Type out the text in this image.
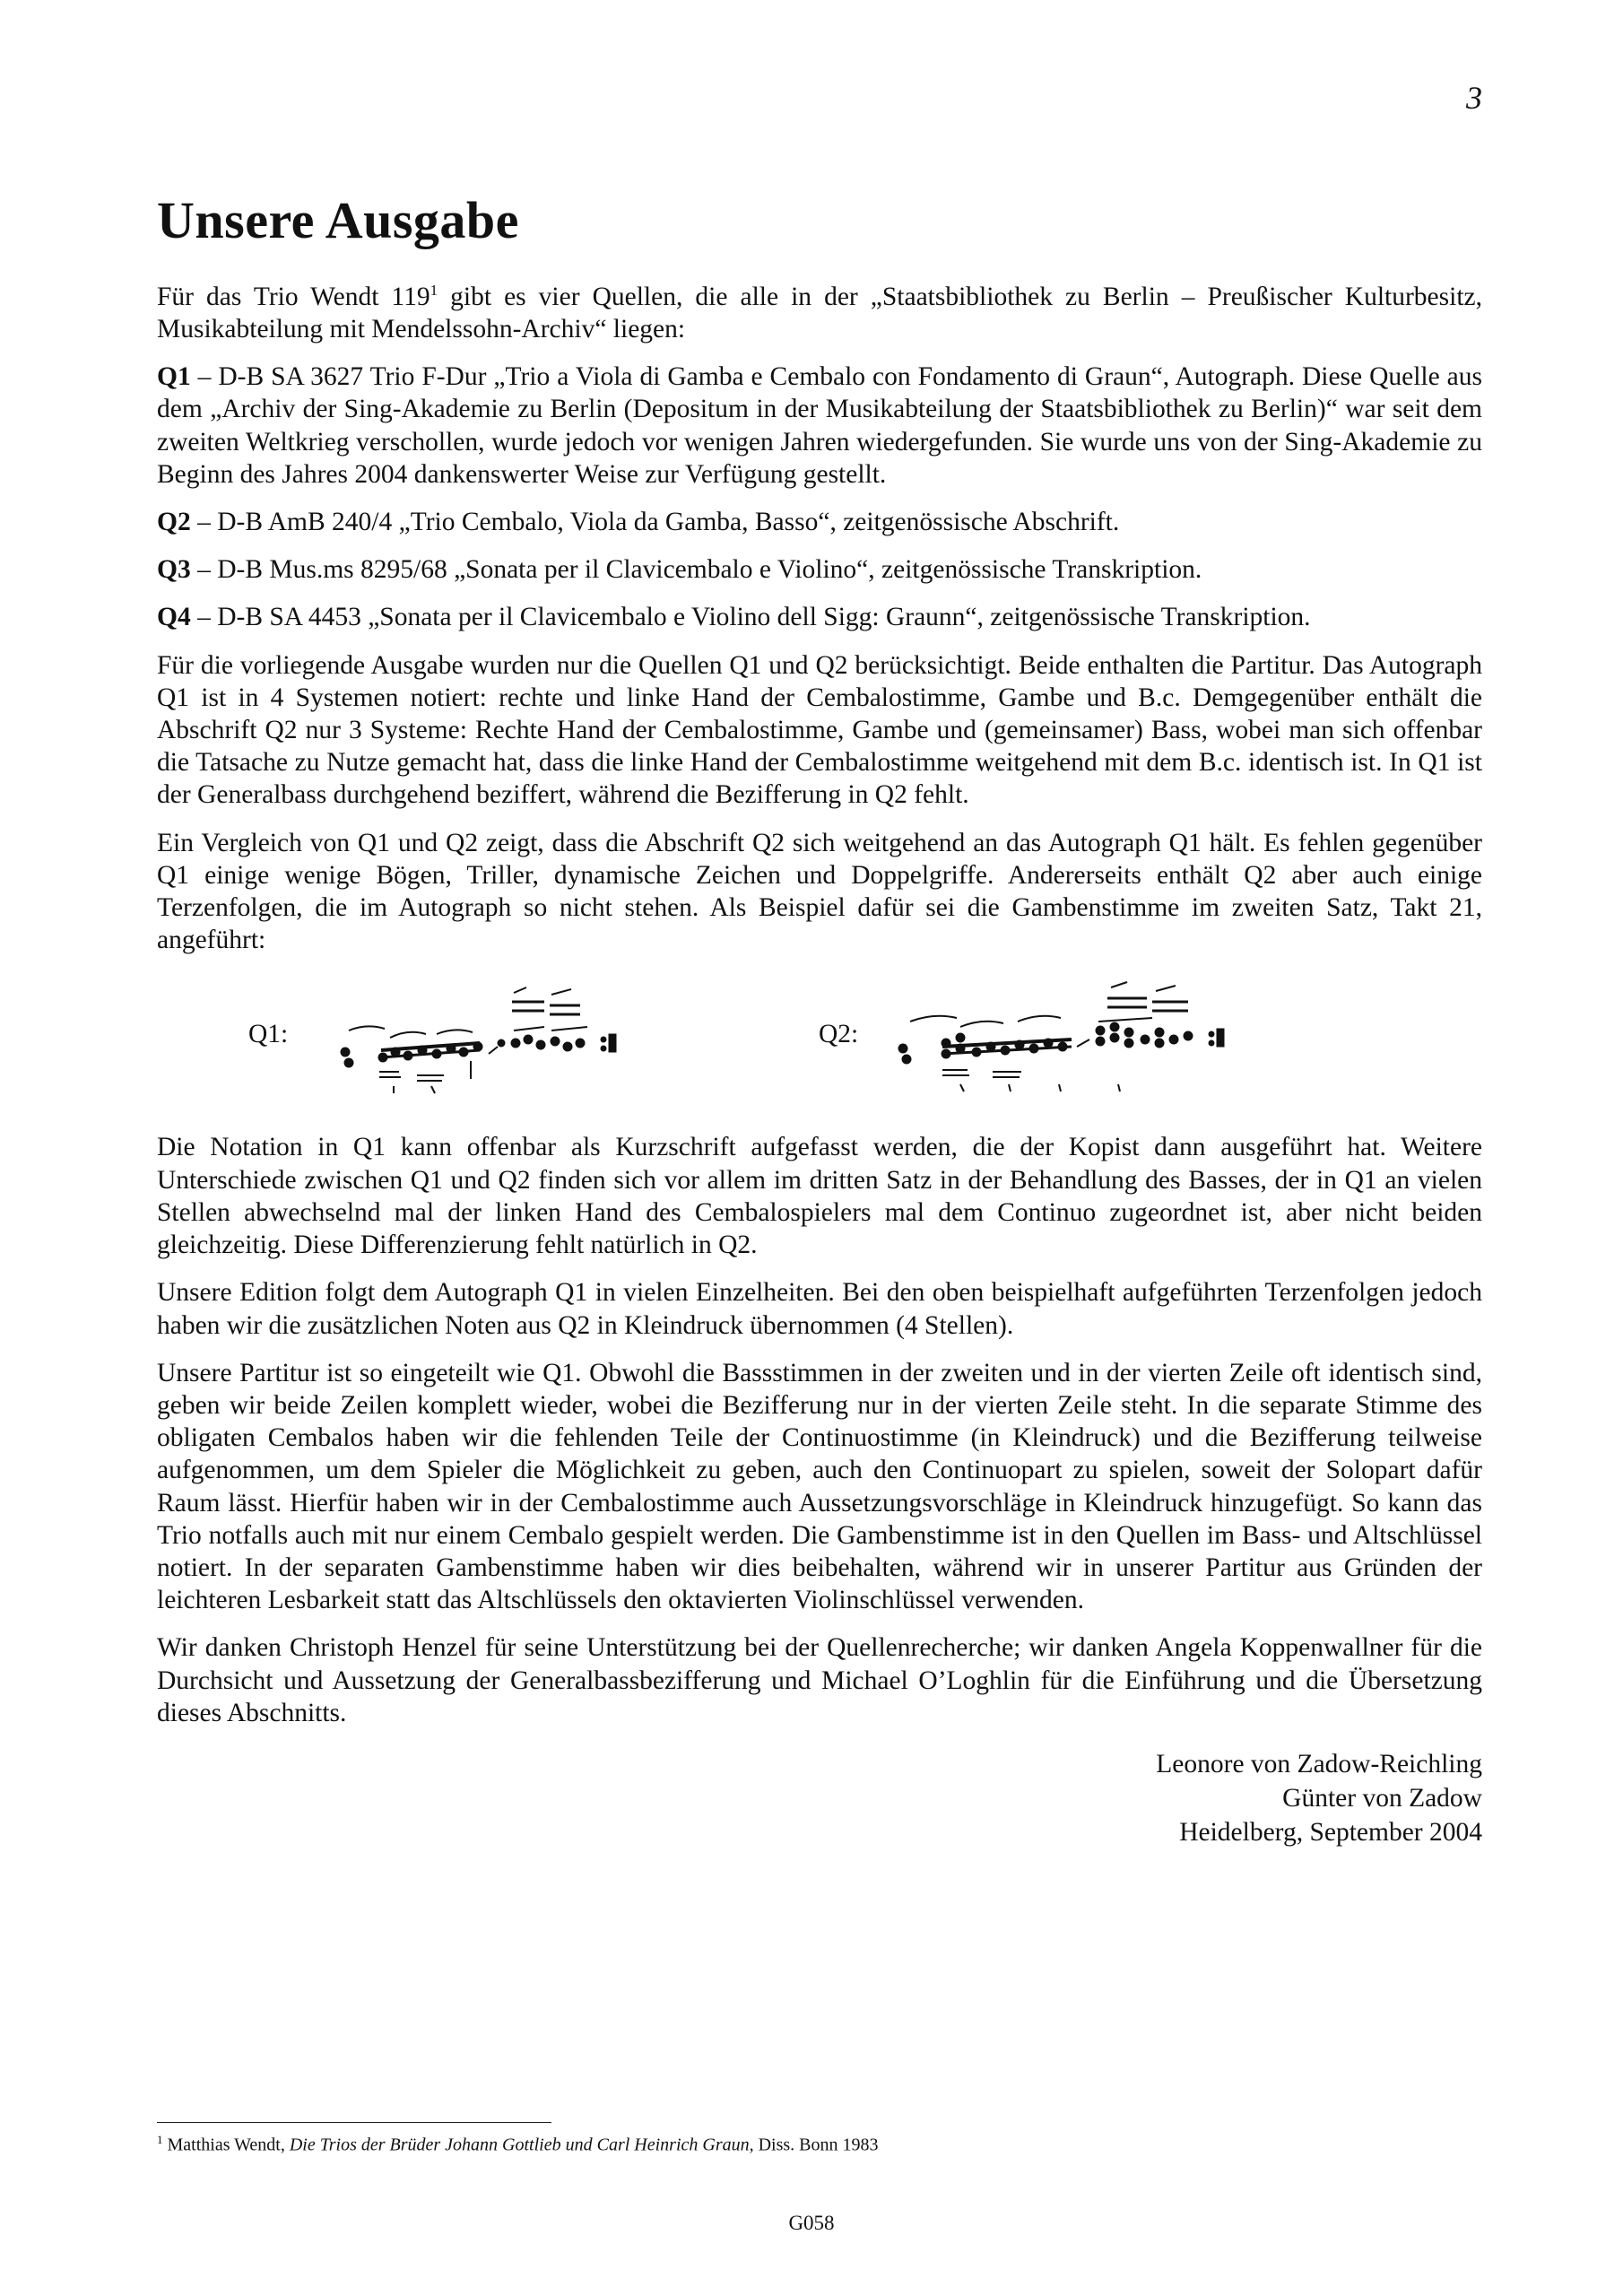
3
Unsere Ausgabe

Für das Trio Wendt $119^1$ gibt es vier Quellen, die alle in der „Staatsbibliothek zu Berlin – Preußischer Kulturbesitz, Musikabteilung mit Mendelssohn-Archiv“ liegen:

Q1 – D-B SA 3627 Trio F-Dur „Trio a Viola di Gamba e Cembalo con Fondamento di Graun“, Autograph. Diese Quelle aus dem „Archiv der Sing-Akademie zu Berlin (Depositum in der Musikabteilung der Staatsbibliothek zu Berlin)“ war seit dem zweiten Weltkrieg verschollen, wurde jedoch vor wenigen Jahren wiedergefunden. Sie wurde uns von der Sing-Akademie zu Beginn des Jahres 2004 dankenswerter Weise zur Verfügung gestellt.
Q2 – D-B AmB 240/4 „Trio Cembalo, Viola da Gamba, Basso“, zeitgenössische Abschrift.
Q3 – D-B Mus.ms 8295/68 „Sonata per il Clavicembalo e Violino“, zeitgenössische Transkription.
Q4 – D-B SA 4453 „Sonata per il Clavicembalo e Violino dell Sigg: Graunn“, zeitgenössische Transkription.

Für die vorliegende Ausgabe wurden nur die Quellen Q1 und Q2 berücksichtigt. Beide enthalten die Partitur. Das Autograph Q1 ist in 4 Systemen notiert: rechte und linke Hand der Cembalostimme, Gambe und B.c. Demgegenüber enthält die Abschrift Q2 nur 3 Systeme: Rechte Hand der Cembalostimme, Gambe und (gemeinsamer) Bass, wobei man sich offenbar die Tatsache zu Nutze gemacht hat, dass die linke Hand der Cembalostimme weitgehend mit dem B.c. identisch ist. In Q1 ist der Generalbass durchgehend beziffert, während die Bezifferung in Q2 fehlt.

Ein Vergleich von Q1 und Q2 zeigt, dass die Abschrift Q2 sich weitgehend an das Autograph Q1 hält. Es fehlen gegenüber Q1 einige wenige Bögen, Triller, dynamische Zeichen und Doppelgriffe. Andererseits enthält Q2 aber auch einige Terzenfolgen, die im Autograph so nicht stehen. Als Beispiel dafür sei die Gambenstimme im zweiten Satz, Takt 21, angeführt:

Q1:	Q2:

Die Notation in Q1 kann offenbar als Kurzschrift aufgefasst werden, die der Kopist dann ausgeführt hat. Weitere Unterschiede zwischen Q1 und Q2 finden sich vor allem im dritten Satz in der Behandlung des Basses, der in Q1 an vielen Stellen abwechselnd mal der linken Hand des Cembalospielers mal dem Continuo zugeordnet ist, aber nicht beiden gleichzeitig. Diese Differenzierung fehlt natürlich in Q2.

Unsere Edition folgt dem Autograph Q1 in vielen Einzelheiten. Bei den oben beispielhaft aufgeführten Terzenfolgen jedoch haben wir die zusätzlichen Noten aus Q2 in Kleindruck übernommen (4 Stellen).

Unsere Partitur ist so eingeteilt wie Q1. Obwohl die Bassstimmen in der zweiten und in der vierten Zeile oft identisch sind, geben wir beide Zeilen komplett wieder, wobei die Bezifferung nur in der vierten Zeile steht. In die separate Stimme des obligaten Cembalos haben wir die fehlenden Teile der Continuostimme (in Kleindruck) und die Bezifferung teilweise aufgenommen, um dem Spieler die Möglichkeit zu geben, auch den Continuopart zu spielen, soweit der Solopart dafür Raum lässt. Hierfür haben wir in der Cembalostimme auch Aussetzungsvorschläge in Kleindruck hinzugefügt. So kann das Trio notfalls auch mit nur einem Cembalo gespielt werden. Die Gambenstimme ist in den Quellen im Bass- und Altschlüssel notiert. In der separaten Gambenstimme haben wir dies beibehalten, während wir in unserer Partitur aus Gründen der leichteren Lesbarkeit statt das Altschlüssels den oktavierten Violinschlüssel verwenden.

Wir danken Christoph Henzel für seine Unterstützung bei der Quellenrecherche; wir danken Angela Koppenwallner für die Durchsicht und Aussetzung der Generalbassbezifferung und Michael O’Loghlin für die Einführung und die Übersetzung dieses Abschnitts.

Leonore von Zadow-Reichling
Günter von Zadow
Heidelberg, September 2004
$^1$ Matthias Wendt, Die Trios der Brüder Johann Gottlieb und Carl Heinrich Graun, Diss. Bonn 1983
G058
